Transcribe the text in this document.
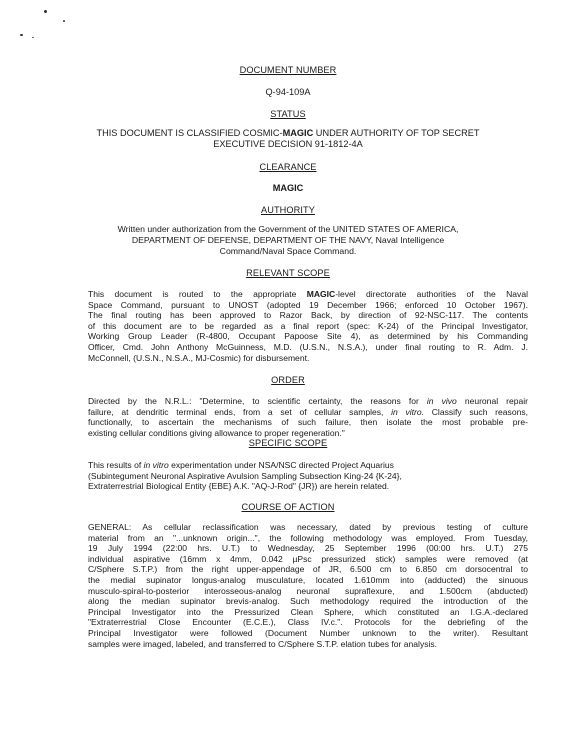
DOCUMENT NUMBER
Q-94-109A
STATUS
THIS DOCUMENT IS CLASSIFIED COSMIC-MAGIC UNDER AUTHORITY OF TOP SECRET
EXECUTIVE DECISION 91-1812-4A
CLEARANCE
MAGIC
AUTHORITY
Written under authorization from the Government of the UNITED STATES OF AMERICA,
DEPARTMENT OF DEFENSE, DEPARTMENT OF THE NAVY, Naval Intelligence
Command/Naval Space Command.
RELEVANT SCOPE
This document is routed to the appropriate MAGIC-level directorate authorities of the Naval
Space Command, pursuant to UNOST (adopted 19 December 1966; enforced 10 October 1967).
The final routing has been approved to Razor Back, by direction of 92-NSC-117. The contents
of this document are to be regarded as a final report (spec: K-24) of the Principal Investigator,
Working Group Leader (R-4800, Occupant Papoose Site 4), as determined by his Commanding
Officer, Cmd. John Anthony McGuinness, M.D. (U.S.N., N.S.A.), under final routing to R. Adm. J.
McConnell, (U.S.N., N.S.A., MJ-Cosmic) for disbursement.
ORDER
Directed by the N.R.L.: "Determine, to scientific certainty, the reasons for in vivo neuronal repair
failure, at dendritic terminal ends, from a set of cellular samples, in vitro. Classify such reasons,
functionally, to ascertain the mechanisms of such failure, then isolate the most probable pre-
existing cellular conditions giving allowance to proper regeneration."
SPECIFIC SCOPE
This results of in vitro experimentation under NSA/NSC directed Project Aquarius
(Subintegument Neuronal Aspirative Avulsion Sampling Subsection King-24 {K-24},
Extraterrestrial Biological Entity {EBE} A.K. "AQ-J-Rod" {JR}) are herein related.
COURSE OF ACTION
GENERAL: As cellular reclassification was necessary, dated by previous testing of culture
material from an "...unknown origin...", the following methodology was employed. From Tuesday,
19 July 1994 (22:00 hrs. U.T.) to Wednesday, 25 September 1996 (00:00 hrs. U.T.) 275
individual aspirative (16mm x 4mm, 0.042 µPsc pressurized stick) samples were removed (at
C/Sphere S.T.P.) from the right upper-appendage of JR, 6.500 cm to 6.850 cm dorsocentral to
the medial supinator longus-analog musculature, located 1.610mm into (adducted) the sinuous
musculo-spiral-to-posterior interosseous-analog neuronal supraflexure, and 1.500cm (abducted)
along the median supinator brevis-analog. Such methodology required the introduction of the
Principal Investigator into the Pressurized Clean Sphere, which constituted an I.G.A.-declared
"Extraterrestrial Close Encounter (E.C.E.), Class IV.c.". Protocols for the debriefing of the
Principal Investigator were followed (Document Number unknown to the writer). Resultant
samples were imaged, labeled, and transferred to C/Sphere S.T.P. elation tubes for analysis.
